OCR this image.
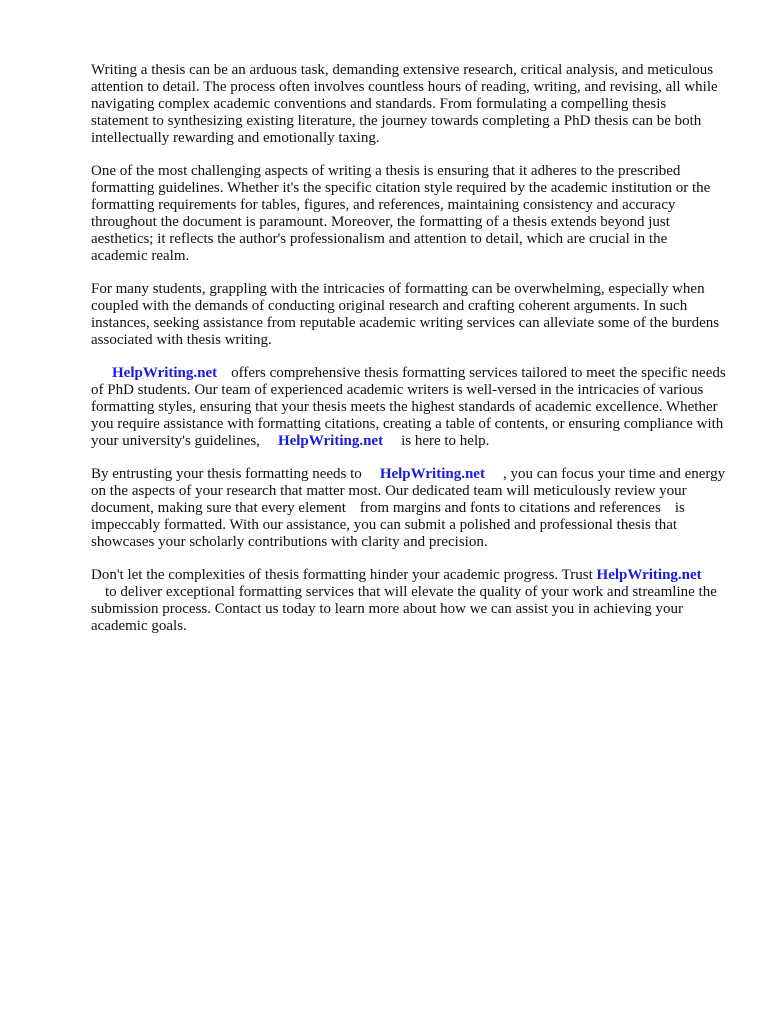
Writing a thesis can be an arduous task, demanding extensive research, critical analysis, and meticulous attention to detail. The process often involves countless hours of reading, writing, and revising, all while navigating complex academic conventions and standards. From formulating a compelling thesis statement to synthesizing existing literature, the journey towards completing a PhD thesis can be both intellectually rewarding and emotionally taxing.

One of the most challenging aspects of writing a thesis is ensuring that it adheres to the prescribed formatting guidelines. Whether it's the specific citation style required by the academic institution or the formatting requirements for tables, figures, and references, maintaining consistency and accuracy throughout the document is paramount. Moreover, the formatting of a thesis extends beyond just aesthetics; it reflects the author's professionalism and attention to detail, which are crucial in the academic realm.

For many students, grappling with the intricacies of formatting can be overwhelming, especially when coupled with the demands of conducting original research and crafting coherent arguments. In such instances, seeking assistance from reputable academic writing services can alleviate some of the burdens associated with thesis writing.

HelpWriting.net offers comprehensive thesis formatting services tailored to meet the specific needs of PhD students. Our team of experienced academic writers is well-versed in the intricacies of various formatting styles, ensuring that your thesis meets the highest standards of academic excellence. Whether you require assistance with formatting citations, creating a table of contents, or ensuring compliance with your university's guidelines, HelpWriting.net is here to help.

By entrusting your thesis formatting needs to HelpWriting.net , you can focus your time and energy on the aspects of your research that matter most. Our dedicated team will meticulously review your document, making sure that every element from margins and fonts to citations and references is impeccably formatted. With our assistance, you can submit a polished and professional thesis that showcases your scholarly contributions with clarity and precision.

Don't let the complexities of thesis formatting hinder your academic progress. Trust HelpWriting.netto deliver exceptional formatting services that will elevate the quality of your work and streamline the submission process. Contact us today to learn more about how we can assist you in achieving your academic goals.
